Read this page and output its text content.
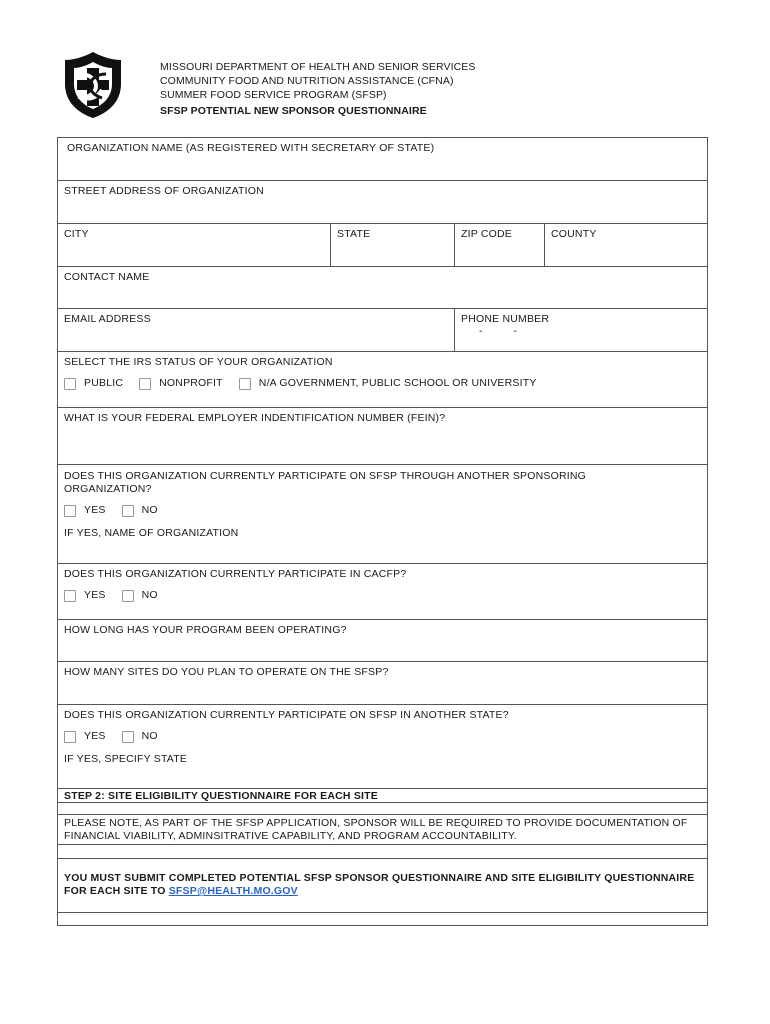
MISSOURI DEPARTMENT OF HEALTH AND SENIOR SERVICES
COMMUNITY FOOD AND NUTRITION ASSISTANCE (CFNA)
SUMMER FOOD SERVICE PROGRAM (SFSP)
SFSP POTENTIAL NEW SPONSOR QUESTIONNAIRE
ORGANIZATION NAME (AS REGISTERED WITH SECRETARY OF STATE)
STREET ADDRESS OF ORGANIZATION
CITY	STATE	ZIP CODE	COUNTY
CONTACT NAME
EMAIL ADDRESS	PHONE NUMBER
- -
SELECT THE IRS STATUS OF YOUR ORGANIZATION
PUBLIC	NONPROFIT	N/A GOVERNMENT, PUBLIC SCHOOL OR UNIVERSITY
WHAT IS YOUR FEDERAL EMPLOYER INDENTIFICATION NUMBER (FEIN)?
DOES THIS ORGANIZATION CURRENTLY PARTICIPATE ON SFSP THROUGH ANOTHER SPONSORING ORGANIZATION?
YES	NO
IF YES, NAME OF ORGANIZATION
DOES THIS ORGANIZATION CURRENTLY PARTICIPATE IN CACFP?
YES	NO
HOW LONG HAS YOUR PROGRAM BEEN OPERATING?
HOW MANY SITES DO YOU PLAN TO OPERATE ON THE SFSP?
DOES THIS ORGANIZATION CURRENTLY PARTICIPATE ON SFSP IN ANOTHER STATE?
YES	NO
IF YES, SPECIFY STATE
STEP 2: SITE ELIGIBILITY QUESTIONNAIRE FOR EACH SITE
PLEASE NOTE, AS PART OF THE SFSP APPLICATION, SPONSOR WILL BE REQUIRED TO PROVIDE DOCUMENTATION OF FINANCIAL VIABILITY, ADMINSITRATIVE CAPABILITY, AND PROGRAM ACCOUNTABILITY.
YOU MUST SUBMIT COMPLETED POTENTIAL SFSP SPONSOR QUESTIONNAIRE AND SITE ELIGIBILITY QUESTIONNAIRE FOR EACH SITE TO SFSP@HEALTH.MO.GOV
